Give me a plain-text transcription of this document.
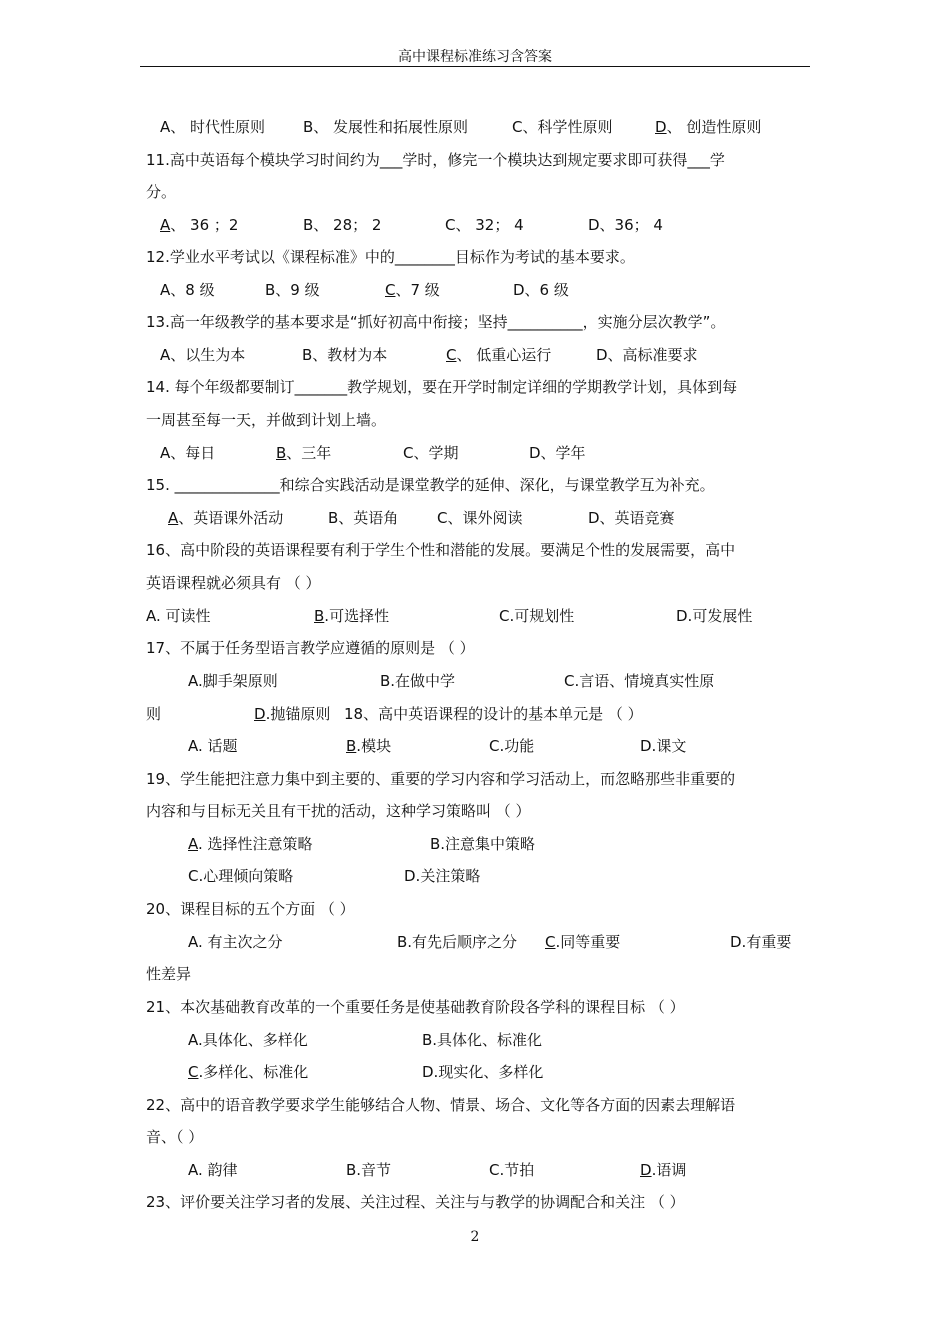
高中课程标准练习含答案
A、 时代性原则	B、 发展性和拓展性原则	C、科学性原则	D、 创造性原则
11.高中英语每个模块学习时间约为___学时，修完一个模块达到规定要求即可获得___学
分。
A、 36 ；2	B、 28； 2	C、 32； 4	D、36； 4
12.学业水平考试以《课程标准》中的________目标作为考试的基本要求。
A、8 级	B、9 级	C、7 级	D、6 级
13.高一年级教学的基本要求是“抓好初高中衔接；坚持__________，实施分层次教学”。
A、以生为本	B、教材为本	C、 低重心运行	D、高标准要求
14. 每个年级都要制订_______教学规划，要在开学时制定详细的学期教学计划，具体到每
一周甚至每一天，并做到计划上墙。
A、每日	B、三年	C、学期	D、学年
15. ______________和综合实践活动是课堂教学的延伸、深化，与课堂教学互为补充。
A、英语课外活动	B、英语角	C、课外阅读	D、英语竞赛
16、高中阶段的英语课程要有利于学生个性和潜能的发展。要满足个性的发展需要，高中
英语课程就必须具有 （ ）
A. 可读性	B.可选择性	C.可规划性	D.可发展性
17、不属于任务型语言教学应遵循的原则是 （ ）
A.脚手架原则	B.在做中学	C.言语、情境真实性原
则	D.抛锚原则 18、高中英语课程的设计的基本单元是 （ ）
A. 话题	B.模块	C.功能	D.课文
19、学生能把注意力集中到主要的、重要的学习内容和学习活动上，而忽略那些非重要的
内容和与目标无关且有干扰的活动，这种学习策略叫 （ ）
A. 选择性注意策略	B.注意集中策略
C.心理倾向策略	D.关注策略
20、课程目标的五个方面 （ ）
A. 有主次之分	B.有先后顺序之分 C.同等重要	D.有重要
性差异
21、本次基础教育改革的一个重要任务是使基础教育阶段各学科的课程目标 （ ）
A.具体化、多样化	B.具体化、标准化
C.多样化、标准化	D.现实化、多样化
22、高中的语音教学要求学生能够结合人物、情景、场合、文化等各方面的因素去理解语
音、（ ）
A. 韵律	B.音节	C.节拍	D.语调
23、评价要关注学习者的发展、关注过程、关注与与教学的协调配合和关注 （ ）
2
